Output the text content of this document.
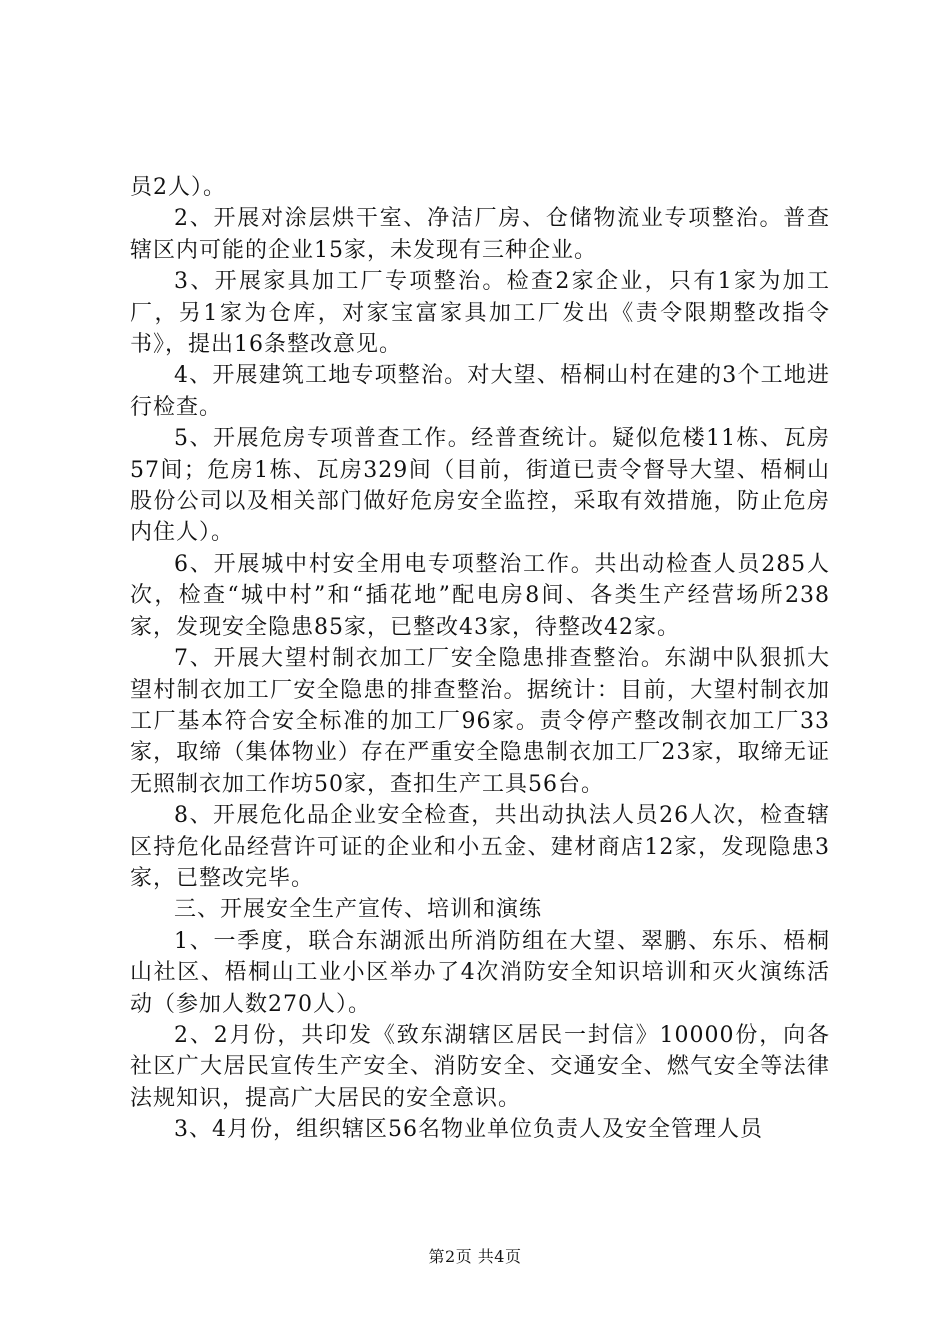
员2人）。

2、开展对涂层烘干室、净洁厂房、仓储物流业专项整治。普查辖区内可能的企业15家，未发现有三种企业。

3、开展家具加工厂专项整治。检查2家企业，只有1家为加工厂，另1家为仓库，对家宝富家具加工厂发出《责令限期整改指令书》，提出16条整改意见。

4、开展建筑工地专项整治。对大望、梧桐山村在建的3个工地进行检查。

5、开展危房专项普查工作。经普查统计。疑似危楼11栋、瓦房57间；危房1栋、瓦房329间（目前，街道已责令督导大望、梧桐山股份公司以及相关部门做好危房安全监控，采取有效措施，防止危房内住人）。

6、开展城中村安全用电专项整治工作。共出动检查人员285人次，检查“城中村”和“插花地”配电房8间、各类生产经营场所238家，发现安全隐患85家，已整改43家，待整改42家。

7、开展大望村制衣加工厂安全隐患排查整治。东湖中队狠抓大望村制衣加工厂安全隐患的排查整治。据统计：目前，大望村制衣加工厂基本符合安全标准的加工厂96家。责令停产整改制衣加工厂33家，取缔（集体物业）存在严重安全隐患制衣加工厂23家，取缔无证无照制衣加工作坊50家，查扣生产工具56台。

8、开展危化品企业安全检查，共出动执法人员26人次，检查辖区持危化品经营许可证的企业和小五金、建材商店12家，发现隐患3家，已整改完毕。

三、开展安全生产宣传、培训和演练

1、一季度，联合东湖派出所消防组在大望、翠鹏、东乐、梧桐山社区、梧桐山工业小区举办了4次消防安全知识培训和灭火演练活动（参加人数270人）。

2、2月份，共印发《致东湖辖区居民一封信》10000份，向各社区广大居民宣传生产安全、消防安全、交通安全、燃气安全等法律法规知识，提高广大居民的安全意识。

3、4月份，组织辖区56名物业单位负责人及安全管理人员

第2页 共4页
